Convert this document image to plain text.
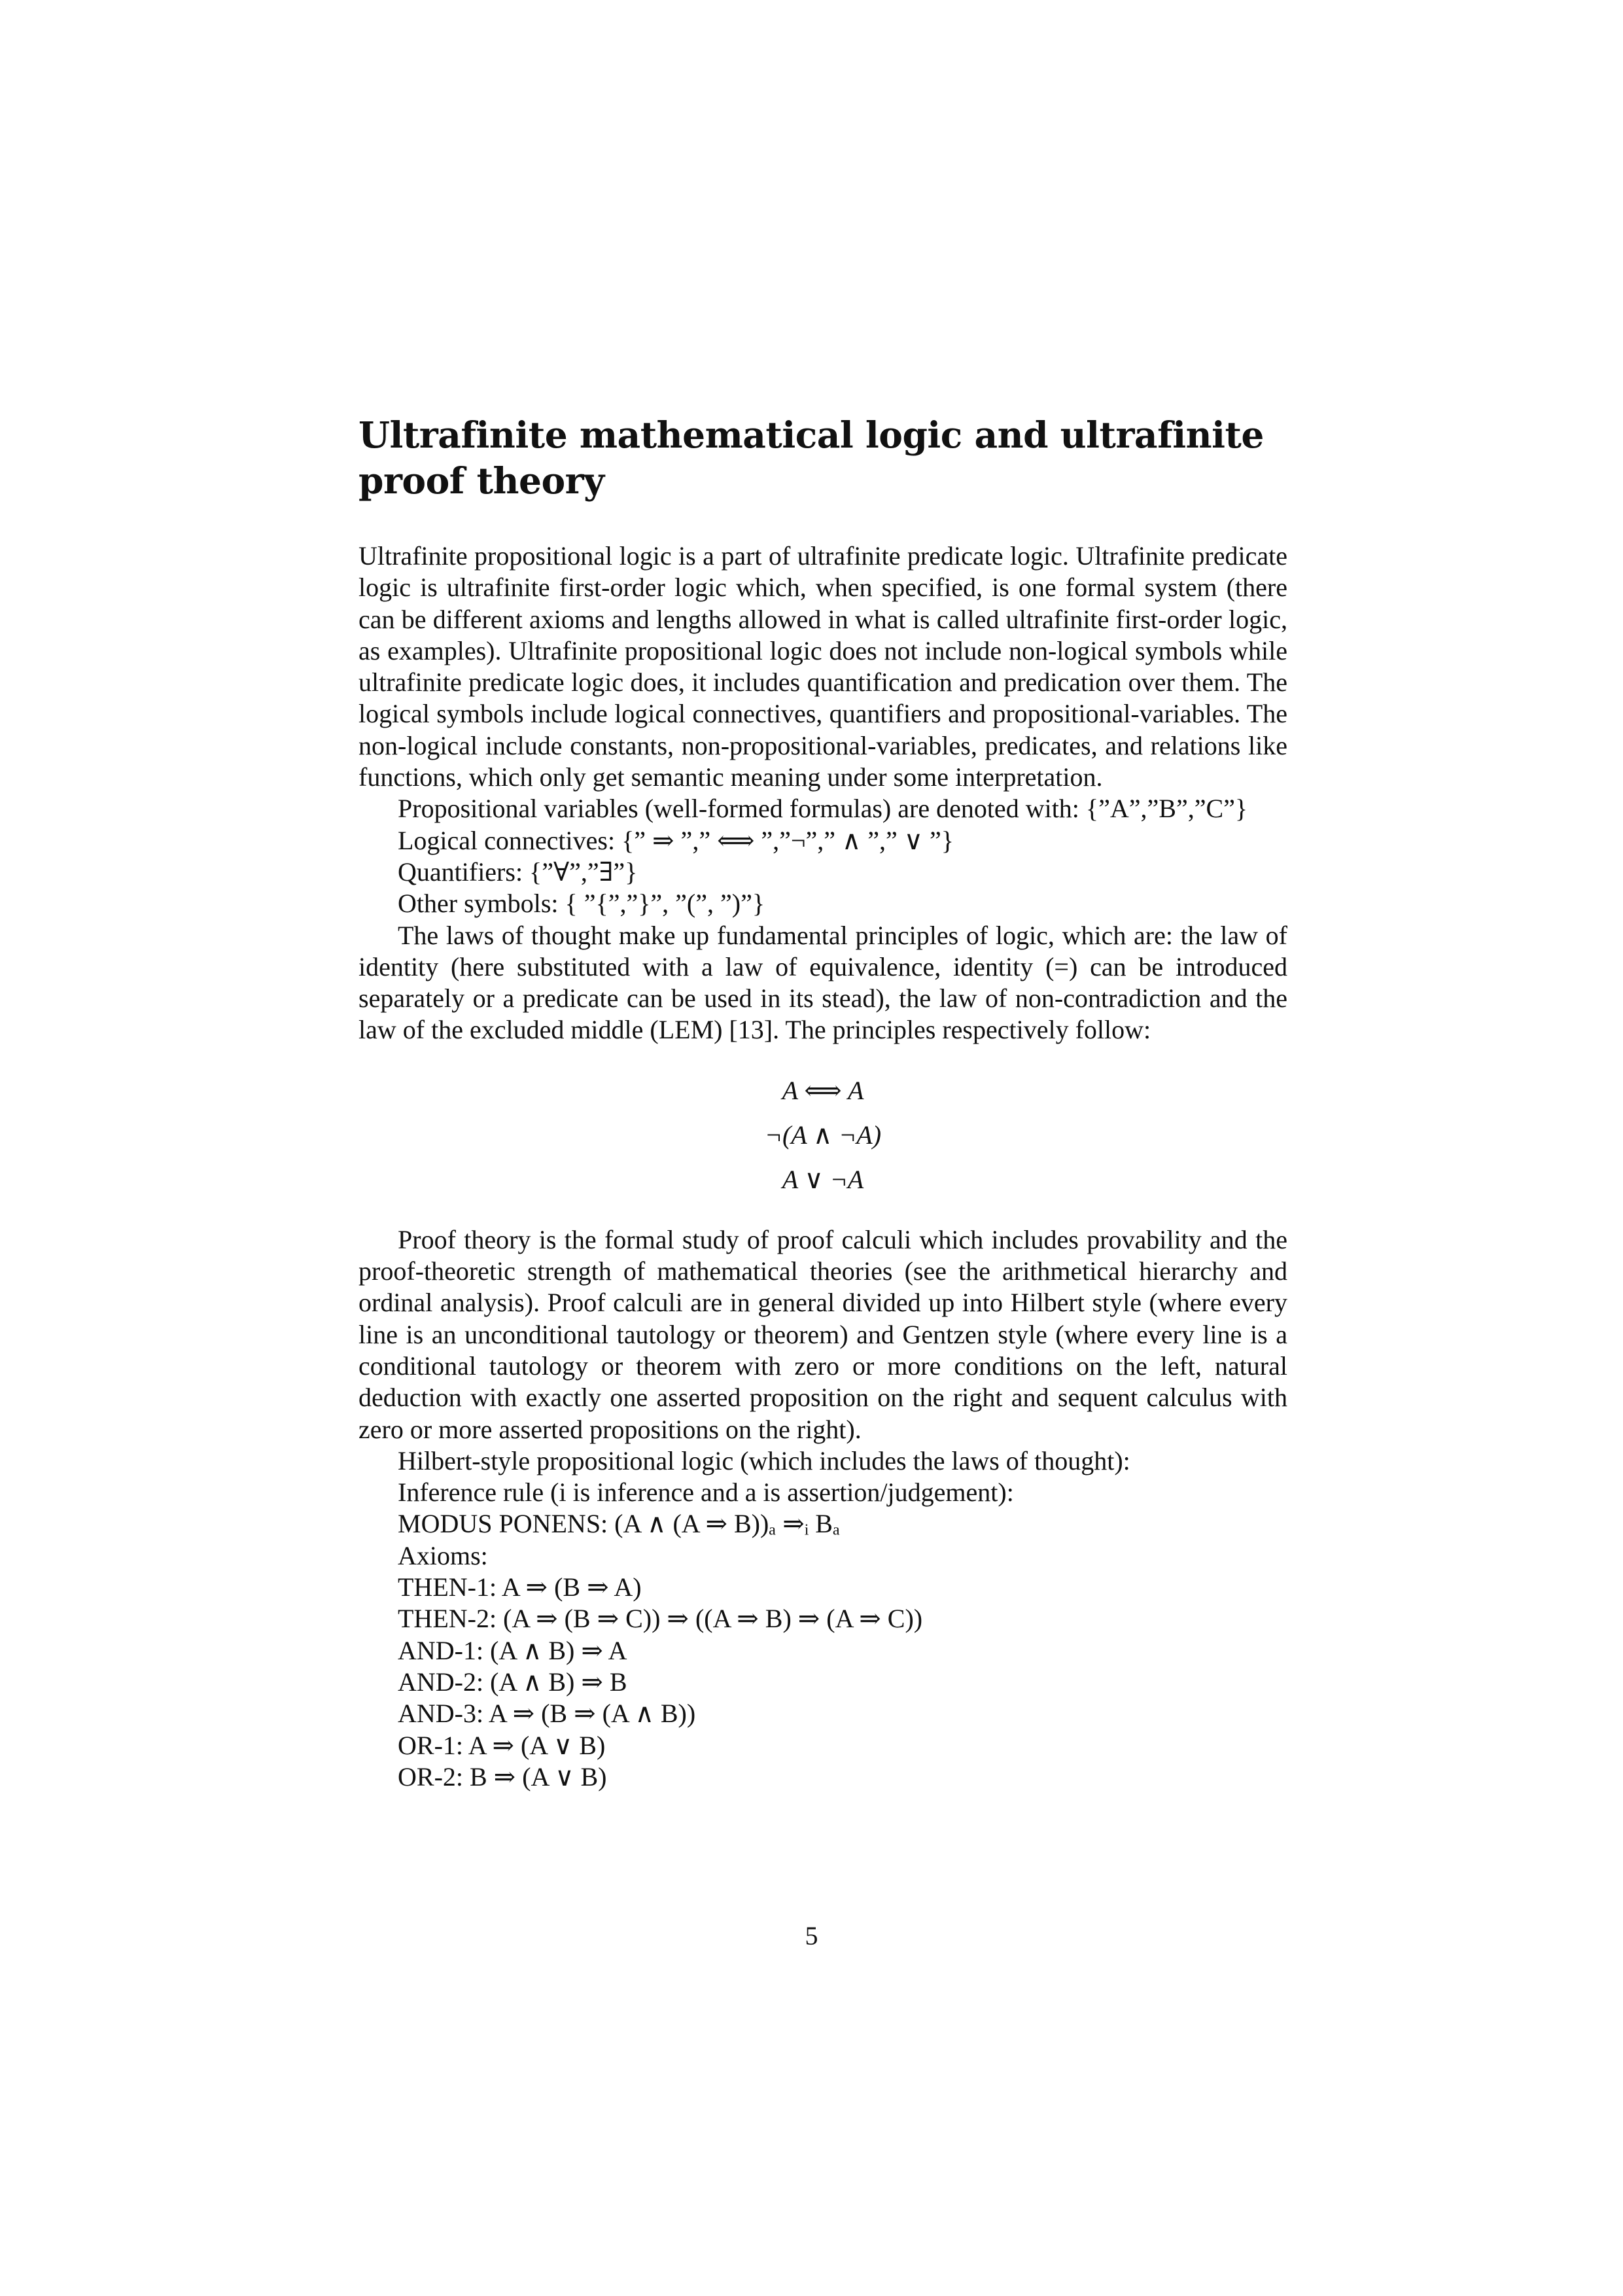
Ultrafinite mathematical logic and ultrafinite proof theory

Ultrafinite propositional logic is a part of ultrafinite predicate logic. Ultrafinite predicate logic is ultrafinite first-order logic which, when specified, is one formal system (there can be different axioms and lengths allowed in what is called ultrafinite first-order logic, as examples). Ultrafinite propositional logic does not include non-logical symbols while ultrafinite predicate logic does, it includes quantification and predication over them. The logical symbols include logical connectives, quantifiers and propositional-variables. The non-logical include constants, non-propositional-variables, predicates, and relations like functions, which only get semantic meaning under some interpretation.

Propositional variables (well-formed formulas) are denoted with: {”A”,”B”,”C”}

Logical connectives: {” ⇒ ”,” ⟺ ”,”¬”,” ∧ ”,” ∨ ”}

Quantifiers: {”∀”,”∃”}

Other symbols: { ”{”,”}”, ”(”, ”)”}

The laws of thought make up fundamental principles of logic, which are: the law of identity (here substituted with a law of equivalence, identity (=) can be introduced separately or a predicate can be used in its stead), the law of non-contradiction and the law of the excluded middle (LEM) [13]. The principles respectively follow:

A ⟺ A
¬(A ∧ ¬A)
A ∨ ¬A

Proof theory is the formal study of proof calculi which includes provability and the proof-theoretic strength of mathematical theories (see the arithmetical hierarchy and ordinal analysis). Proof calculi are in general divided up into Hilbert style (where every line is an unconditional tautology or theorem) and Gentzen style (where every line is a conditional tautology or theorem with zero or more conditions on the left, natural deduction with exactly one asserted proposition on the right and sequent calculus with zero or more asserted propositions on the right).

Hilbert-style propositional logic (which includes the laws of thought):

Inference rule (i is inference and a is assertion/judgement):

MODUS PONENS: (A ∧ (A ⇒ B))ₐ ⇒ᵢ Bₐ

Axioms:

THEN-1: A ⇒ (B ⇒ A)

THEN-2: (A ⇒ (B ⇒ C)) ⇒ ((A ⇒ B) ⇒ (A ⇒ C))

AND-1: (A ∧ B) ⇒ A

AND-2: (A ∧ B) ⇒ B

AND-3: A ⇒ (B ⇒ (A ∧ B))

OR-1: A ⇒ (A ∨ B)

OR-2: B ⇒ (A ∨ B)

5
